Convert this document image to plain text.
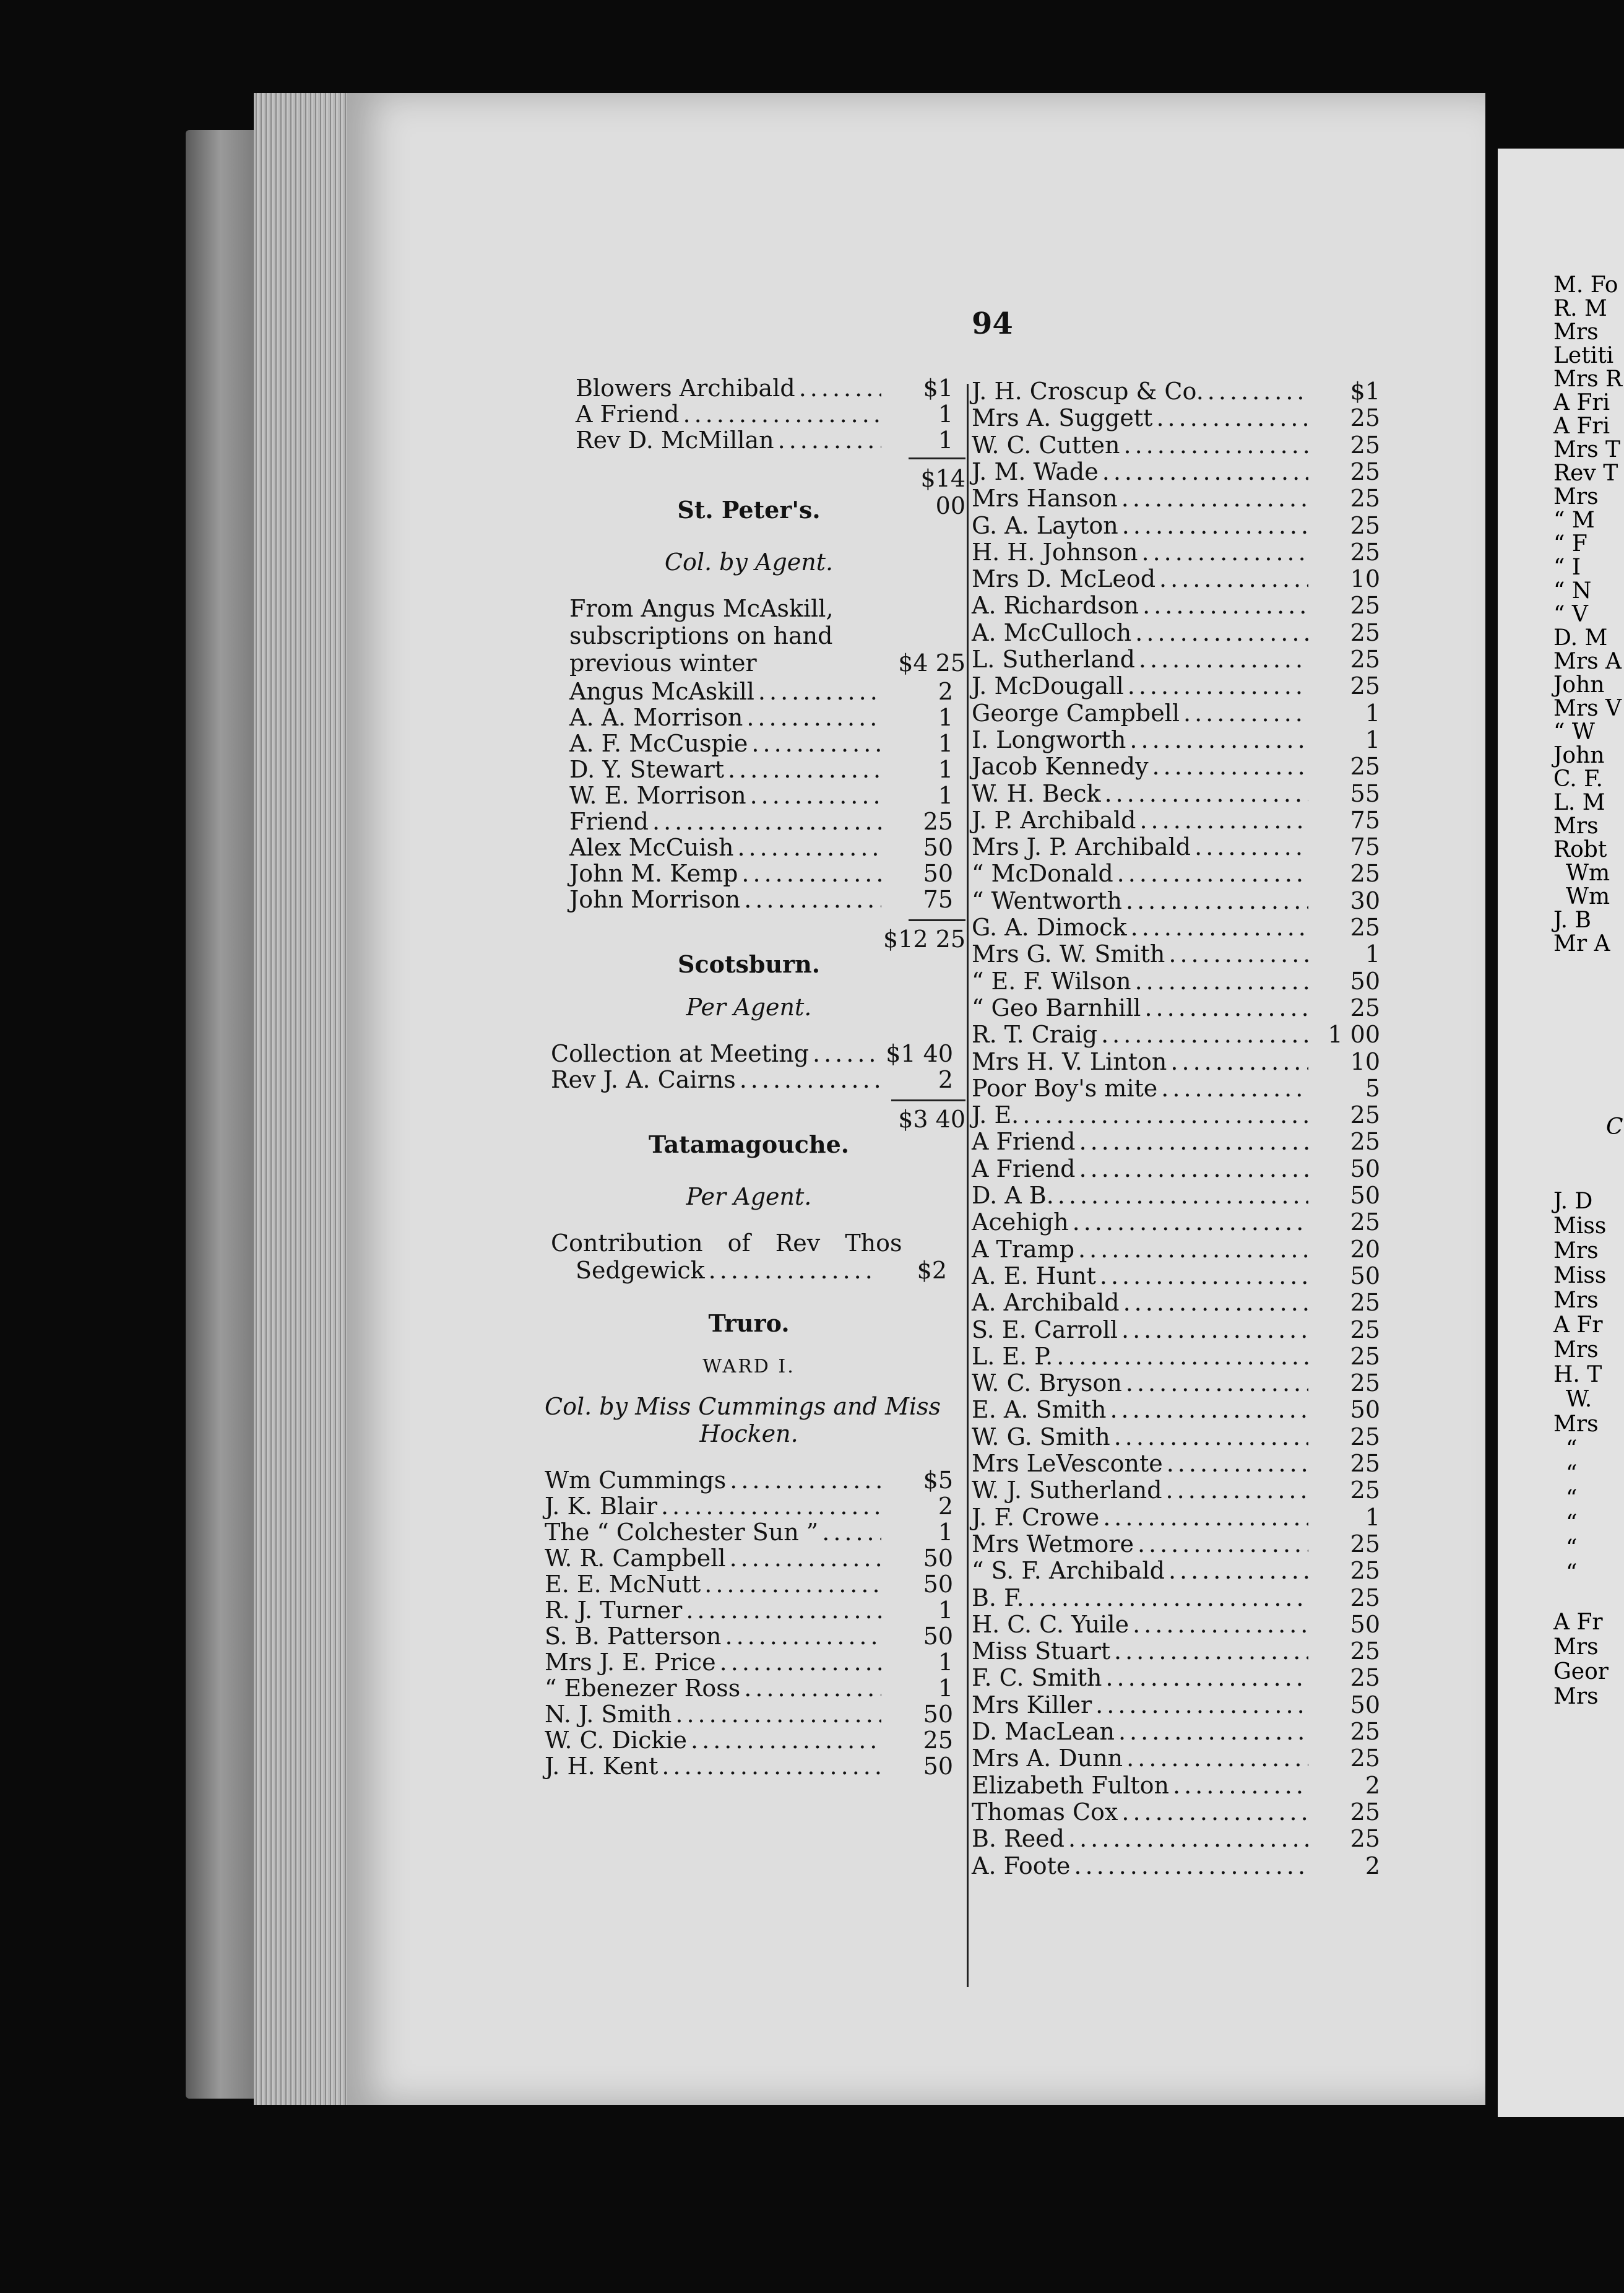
94
Blowers Archibald .....	$1
A Friend .....	1
Rev D. McMillan .....	1
$14 00
St. Peter's.
Col. by Agent.
From Angus McAskill, subscriptions on hand previous winter	$4 25
Angus McAskill .....	2
A. A. Morrison .....	1
A. F. McCuspie .....	1
D. Y. Stewart .....	1
W. E. Morrison .....	1
Friend .....	25
Alex McCuish .....	50
John M. Kemp .....	50
John Morrison .....	75
$12 25
Scotsburn.
Per Agent.
Collection at Meeting .....	$1 40
Rev J. A. Cairns .....	2
$3 40
Tatamagouche.
Per Agent.
Contribution of Rev Thos
Sedgewick .....	$2
Truro.
WARD I.
Col. by Miss Cummings and Miss
Hocken.
Wm Cummings .....	$5
J. K. Blair .....	2
The “ Colchester Sun ” .....	1
W. R. Campbell .....	50
E. E. McNutt .....	50
R. J. Turner .....	1
S. B. Patterson .....	50
Mrs J. E. Price .....	1
“ Ebenezer Ross .....	1
N. J. Smith .....	50
W. C. Dickie .....	25
J. H. Kent .....	50
J. H. Croscup & Co. .....	$1
Mrs A. Suggett .....	25
W. C. Cutten .....	25
J. M. Wade .....	25
Mrs Hanson .....	25
G. A. Layton .....	25
H. H. Johnson .....	25
Mrs D. McLeod .....	10
A. Richardson .....	25
A. McCulloch .....	25
L. Sutherland .....	25
J. McDougall .....	25
George Campbell .....	1
I. Longworth .....	1
Jacob Kennedy .....	25
W. H. Beck .....	55
J. P. Archibald .....	75
Mrs J. P. Archibald .....	75
“ McDonald .....	25
“ Wentworth .....	30
G. A. Dimock .....	25
Mrs G. W. Smith .....	1
“ E. F. Wilson .....	50
“ Geo Barnhill .....	25
R. T. Craig .....	1 00
Mrs H. V. Linton .....	10
Poor Boy's mite .....	5
J. E. .....	25
A Friend .....	25
A Friend .....	50
D. A B. .....	50
Acehigh .....	25
A Tramp .....	20
A. E. Hunt .....	50
A. Archibald .....	25
S. E. Carroll .....	25
L. E. P. .....	25
W. C. Bryson .....	25
E. A. Smith .....	50
W. G. Smith .....	25
Mrs LeVesconte .....	25
W. J. Sutherland .....	25
J. F. Crowe .....	1
Mrs Wetmore .....	25
“ S. F. Archibald .....	25
B. F. .....	25
H. C. C. Yuile .....	50
Miss Stuart .....	25
F. C. Smith .....	25
Mrs Killer .....	50
D. MacLean .....	25
Mrs A. Dunn .....	25
Elizabeth Fulton .....	2
Thomas Cox .....	25
B. Reed .....	25
A. Foote .....	2
M. Fo
R. M
Mrs
Letiti
Mrs R
A Fri
A Fri
Mrs T
Rev T
Mrs
“ M
“ F
“ I
“ N
“ V
D. M
Mrs A
John
Mrs V
“ W
John
C. F.
L. M
Mrs
Robt
Wm
Wm
J. B
Mr A
C
J. D
Miss
Mrs
Miss
Mrs
A Fr
Mrs
H. T
W.
Mrs
“
“
“
“
“
“
A Fr
Mrs
Geor
Mrs
